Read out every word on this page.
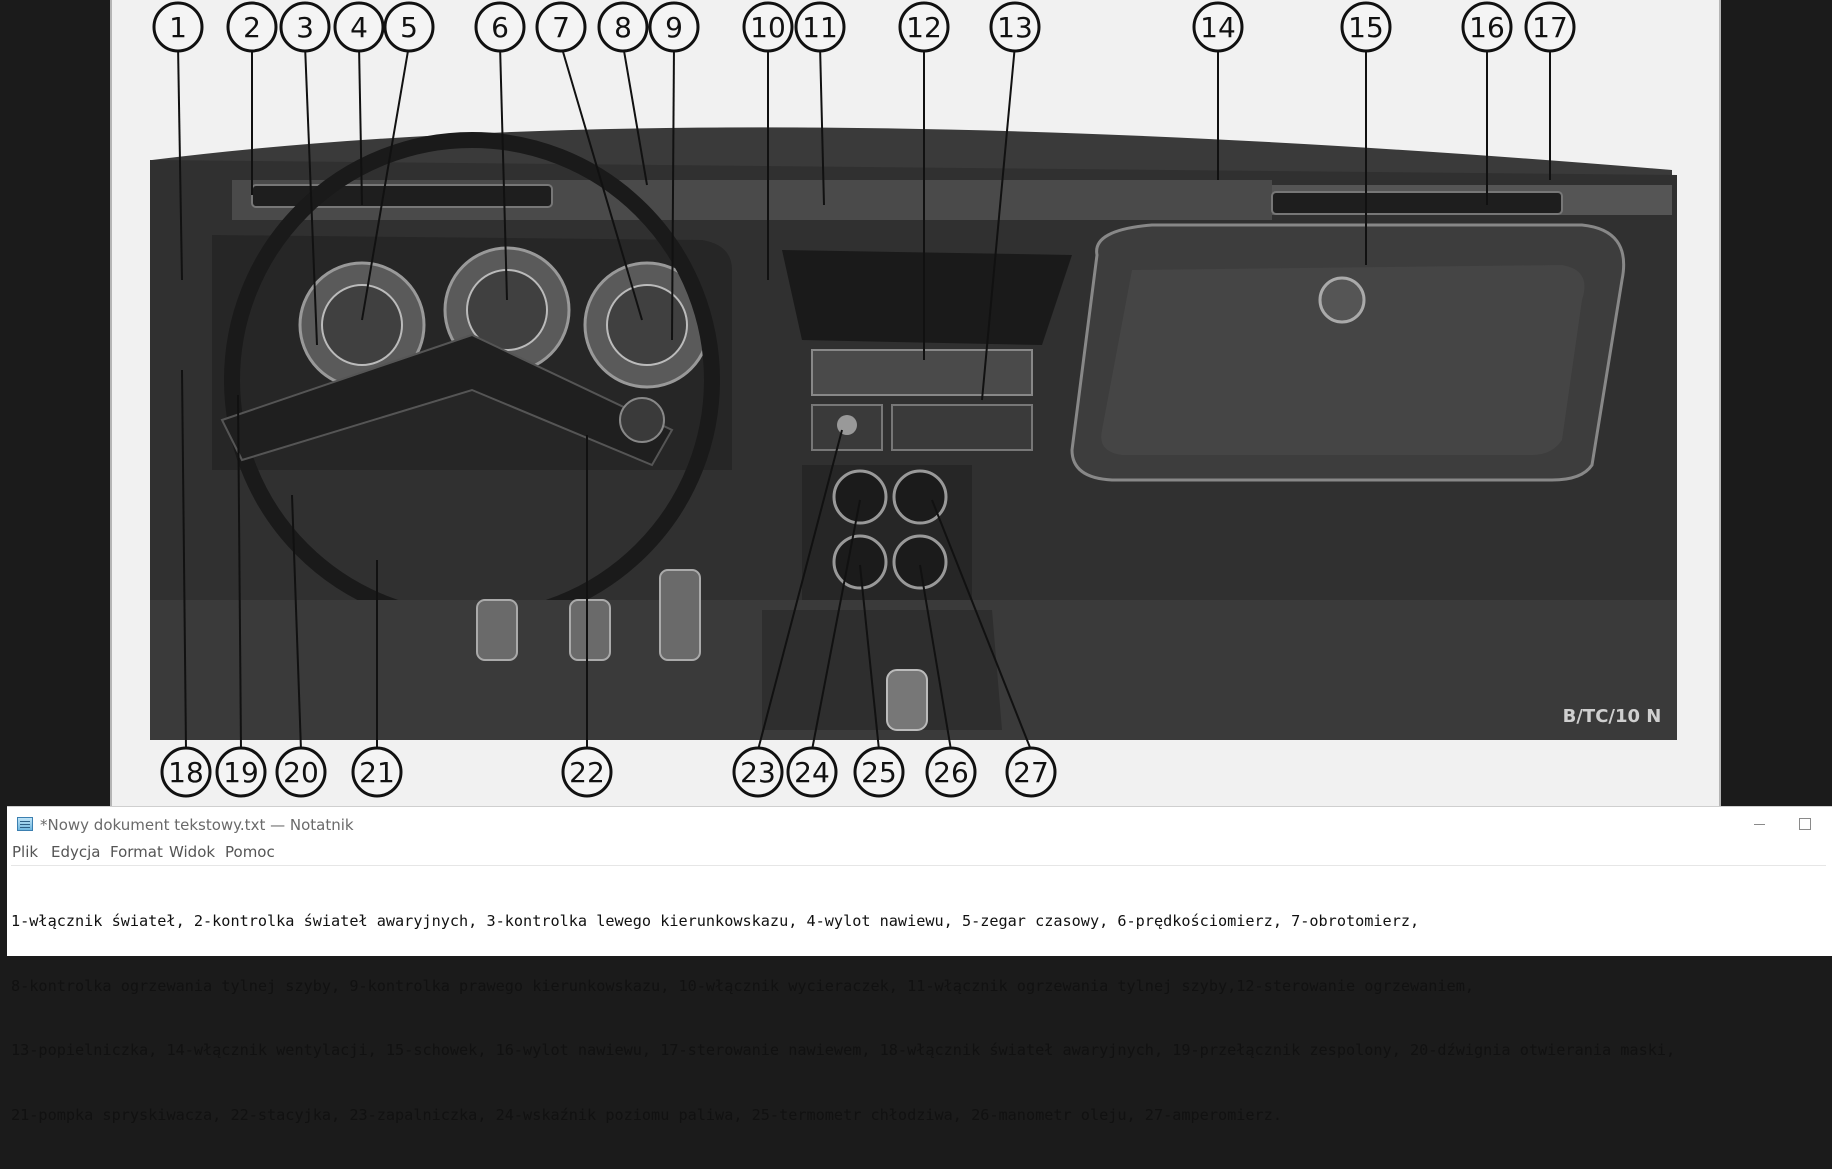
B/TC/10 N
1 2 3 4 5	6 7 8 9 10 11 12 13	14	15	16 17
18 19 20 21	22	23 24 25 26 27
*Nowy dokument tekstowy.txt — Notatnik
Plik Edycja Format Widok Pomoc

1-włącznik świateł, 2-kontrolka świateł awaryjnych, 3-kontrolka lewego kierunkowskazu, 4-wylot nawiewu, 5-zegar czasowy, 6-prędkościomierz, 7-obrotomierz,

8-kontrolka ogrzewania tylnej szyby, 9-kontrolka prawego kierunkowskazu, 10-włącznik wycieraczek, 11-włącznik ogrzewania tylnej szyby,12-sterowanie ogrzewaniem,

13-popielniczka, 14-włącznik wentylacji, 15-schowek, 16-wylot nawiewu, 17-sterowanie nawiewem, 18-włącznik świateł awaryjnych, 19-przełącznik zespolony, 20-dźwignia otwierania maski,

21-pompka spryskiwacza, 22-stacyjka, 23-zapalniczka, 24-wskaźnik poziomu paliwa, 25-termometr chłodziwa, 26-manometr oleju, 27-amperomierz.
